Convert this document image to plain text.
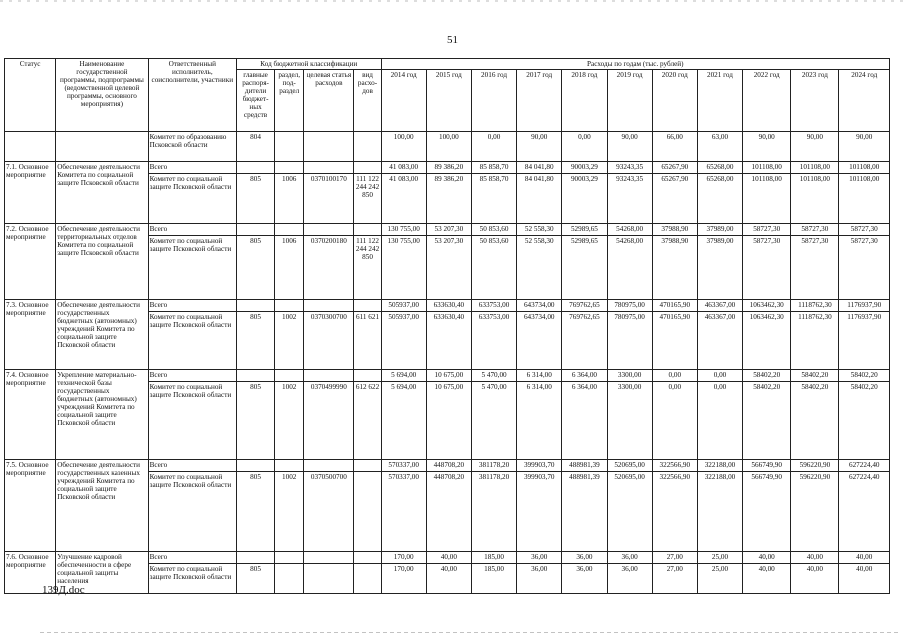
51
Статус	Наименование государственной программы, подпрограммы (ведомственной целевой программы, основного мероприятия)	Ответственный исполнитель, соисполнители, участники	Код бюджетной классификации				Расходы по годам (тыс. рублей)										
			главные распоря-дители бюджет-ных средств	раздел, под-раздел	целевая статья расходов	вид расхо-дов	2014 год	2015 год	2016 год	2017 год	2018 год	2019 год	2020 год	2021 год	2022 год	2023 год	2024 год
		Комитет по образованию Псковской области	804				100,00	100,00	0,00	90,00	0,00	90,00	66,00	63,00	90,00	90,00	90,00
7.1. Основное мероприятие	Обеспечение деятельности Комитета по социальной защите Псковской области	Всего					41 083,00	89 386,20	85 858,70	84 041,80	90003,29	93243,35	65267,90	65268,00	101108,00	101108,00	101108,00
		Комитет по социальной защите Псковской области	805	1006	0370100170	111 122 244 242 850	41 083,00	89 386,20	85 858,70	84 041,80	90003,29	93243,35	65267,90	65268,00	101108,00	101108,00	101108,00
7.2. Основное мероприятие	Обеспечение деятельности территориальных отделов Комитета по социальной защите Псковской области	Всего					130 755,00	53 207,30	50 853,60	52 558,30	52989,65	54268,00	37988,90	37989,00	58727,30	58727,30	58727,30
		Комитет по социальной защите Псковской области	805	1006	0370200180	111 122 244 242 850	130 755,00	53 207,30	50 853,60	52 558,30	52989,65	54268,00	37988,90	37989,00	58727,30	58727,30	58727,30
7.3. Основное мероприятие	Обеспечение деятельности государственных бюджетных (автономных) учреждений Комитета по социальной защите Псковской области	Всего					505937,00	633630,40	633753,00	643734,00	769762,65	780975,00	470165,90	463367,00	1063462,30	1118762,30	1176937,90
		Комитет по социальной защите Псковской области	805	1002	0370300700	611 621	505937,00	633630,40	633753,00	643734,00	769762,65	780975,00	470165,90	463367,00	1063462,30	1118762,30	1176937,90
7.4. Основное мероприятие	Укрепление материально-технической базы государственных бюджетных (автономных) учреждений Комитета по социальной защите Псковской области	Всего					5 694,00	10 675,00	5 470,00	6 314,00	6 364,00	3300,00	0,00	0,00	58402,20	58402,20	58402,20
		Комитет по социальной защите Псковской области	805	1002	0370499990	612 622	5 694,00	10 675,00	5 470,00	6 314,00	6 364,00	3300,00	0,00	0,00	58402,20	58402,20	58402,20
7.5. Основное мероприятие	Обеспечение деятельности государственных казенных учреждений Комитета по социальной защите Псковской области	Всего					570337,00	448708,20	381178,20	399903,70	488981,39	520695,00	322566,90	322188,00	566749,90	596220,90	627224,40
		Комитет по социальной защите Псковской области	805	1002	0370500700		570337,00	448708,20	381178,20	399903,70	488981,39	520695,00	322566,90	322188,00	566749,90	596220,90	627224,40
7.6. Основное мероприятие	Улучшение кадровой обеспеченности в сфере социальной защиты населения	Всего					170,00	40,00	185,00	36,00	36,00	36,00	27,00	25,00	40,00	40,00	40,00
		Комитет по социальной защите Псковской области	805				170,00	40,00	185,00	36,00	36,00	36,00	27,00	25,00	40,00	40,00	40,00
139Д.doc
